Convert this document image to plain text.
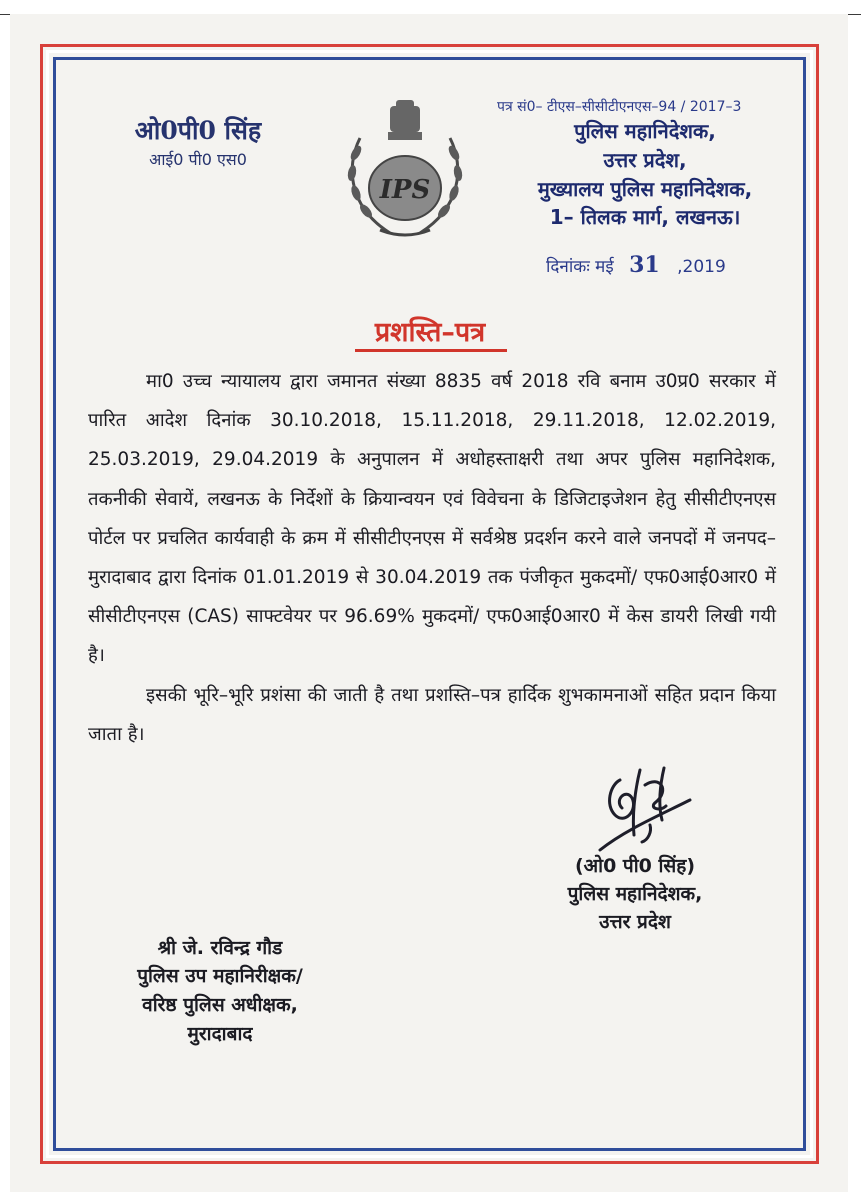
ओ0पी0 सिंह
आई0 पी0 एस0
IPS
पत्र सं0– टीएस–सीसीटीएनएस–94 / 2017–3
पुलिस महानिदेशक,
उत्तर प्रदेश,
मुख्यालय पुलिस महानिदेशक,
1– तिलक मार्ग, लखनऊ।
दिनांकः मई 31 ,2019
प्रशस्ति–पत्र

मा0 उच्च न्यायालय द्वारा जमानत संख्या 8835 वर्ष 2018 रवि बनाम उ0प्र0 सरकार में पारित आदेश दिनांक 30.10.2018, 15.11.2018, 29.11.2018, 12.02.2019, 25.03.2019, 29.04.2019 के अनुपालन में अधोहस्ताक्षरी तथा अपर पुलिस महानिदेशक, तकनीकी सेवायें, लखनऊ के निर्देशों के क्रियान्वयन एवं विवेचना के डिजिटाइजेशन हेतु सीसीटीएनएस पोर्टल पर प्रचलित कार्यवाही के क्रम में सीसीटीएनएस में सर्वश्रेष्ठ प्रदर्शन करने वाले जनपदों में जनपद–मुरादाबाद द्वारा दिनांक 01.01.2019 से 30.04.2019 तक पंजीकृत मुकदमों/ एफ0आई0आर0 में सीसीटीएनएस (CAS) साफ्टवेयर पर 96.69% मुकदमों/ एफ0आई0आर0 में केस डायरी लिखी गयी है।

इसकी भूरि–भूरि प्रशंसा की जाती है तथा प्रशस्ति–पत्र हार्दिक शुभकामनाओं सहित प्रदान किया जाता है।

(ओ0 पी0 सिंह)
पुलिस महानिदेशक,
उत्तर प्रदेश
श्री जे. रविन्द्र गौड
पुलिस उप महानिरीक्षक/
वरिष्ठ पुलिस अधीक्षक,
मुरादाबाद
